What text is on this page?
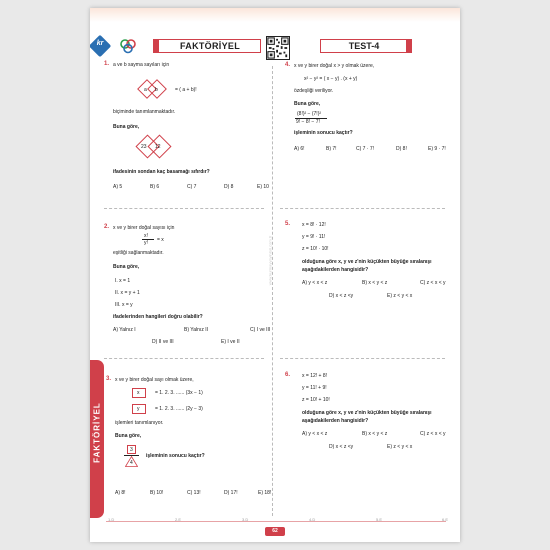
kr	FAKTÖRİYEL	TEST-4
FAKTÖRİYEL
www.kurmayyayinlari.com.tr
1. a ve b sayma sayıları için
a b	= ( a + b)!
biçiminde tanımlanmaktadır.
Buna göre,
23 12
ifadesinin sondan kaç basamağı sıfırdır?
A) 5	B) 6	C) 7	D) 8	E) 10
2. x ve y birer doğal sayısı için
x!
y! = x
eşitliği sağlanmaktadır.
Buna göre,
I. x = 1
II. x = y + 1
III. x = y
ifadelerinden hangileri doğru olabilir?
A) Yalnız I	B) Yalnız II	C) I ve III
D) II ve III	E) I ve II
3. x ve y birer doğal sayı olmak üzere,
x	= 1. 2. 3. ...... (3x − 1)
y	= 1. 2. 3. ...... (2y − 3)
işlemleri tanımlanıyor.
Buna göre,
3
4
işleminin sonucu kaçtır?
A) 8!	B) 10!	C) 13!	D) 17!	E) 18!
4. x ve y birer doğal x > y olmak üzere,
x² − y² = ( x − y) . (x + y)
özdeşliği veriliyor.
Buna göre,
(8!)² − (7!)²
9! − 8! − 7!
işleminin sonucu kaçtır?
A) 6!	B) 7!	C) 7 · 7!	D) 8!	E) 9 · 7!
5. x = 8! · 12!
y = 9! · 11!
z = 10! · 10!
olduğuna göre x, y ve z'nin küçükten büyüğe sıralanışı
aşağıdakilerden hangisidir?
A) y < x < z	B) x < y < z	C) z < x < y
D) x < z <y	E) z < y < x
6. x = 12! + 8!
y = 11! + 9!
z = 10! + 10!
olduğuna göre x, y ve z'nin küçükten büyüğe sıralanışı
aşağıdakilerden hangisidir?
A) y < x < z	B) x < y < z	C) z < x < y
D) x < z <y	E) z < y < x
1.D	2.E	3.D	4.D	5.E	6.E
62
